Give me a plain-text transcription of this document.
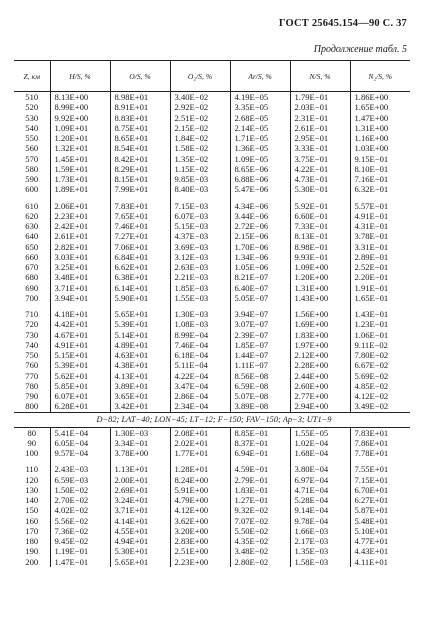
ГОСТ 25645.154—90 С. 37
Продолжение табл. 5
Z, км	H/S, %	O/S, %	O₂/S, %	Ar/S, %	N/S, %	N₂/S, %
510	8.13E+00	8.98E+01	3.40E−02	4.19E−05	1.79E−01	1.86E+00
520	8.99E+00	8.91E+01	2.92E−02	3.35E−05	2.03E−01	1.65E+00
530	9.92E+00	8.83E+01	2.51E−02	2.68E−05	2.31E−01	1.47E+00
540	1.09E+01	8.75E+01	2.15E−02	2.14E−05	2.61E−01	1.31E+00
550	1.20E+01	8.65E+01	1.84E−02	1.71E−05	2.95E−01	1.16E+00
560	1.32E+01	8.54E+01	1.58E−02	1.36E−05	3.33E−01	1.03E+00
570	1.45E+01	8.42E+01	1.35E−02	1.09E−05	3.75E−01	9.15E−01
580	1.59E+01	8.29E+01	1.15E−02	8.65E−06	4.22E−01	8.10E−01
590	1.73E+01	8.15E+01	9.85E−03	6.88E−06	4.73E−01	7.16E−01
600	1.89E+01	7.99E+01	8.40E−03	5.47E−06	5.30E−01	6.32E−01

610	2.06E+01	7.83E+01	7.15E−03	4.34E−06	5.92E−01	5.57E−01
620	2.23E+01	7.65E+01	6.07E−03	3.44E−06	6.60E−01	4.91E−01
630	2.42E+01	7.46E+01	5.15E−03	2.72E−06	7.33E−01	4.31E−01
640	2.61E+01	7.27E+01	4.37E−03	2.15E−06	8.13E−01	3.78E−01
650	2.82E+01	7.06E+01	3.69E−03	1.70E−06	8.98E−01	3.31E−01
660	3.03E+01	6.84E+01	3.12E−03	1.34E−06	9.93E−01	2.89E−01
670	3.25E+01	6.62E+01	2.63E−03	1.05E−06	1.09E+00	2.52E−01
680	3.48E+01	6.38E+01	2.21E−03	8.21E−07	1.20E+00	2.20E−01
690	3.71E+01	6.14E+01	1.85E−03	6.40E−07	1.31E+00	1.91E−01
700	3.94E+01	5.90E+01	1.55E−03	5.05E−07	1.43E+00	1.65E−01

710	4.18E+01	5.65E+01	1.30E−03	3.94E−07	1.56E+00	1.43E−01
720	4.42E+01	5.39E+01	1.08E−03	3.07E−07	1.69E+00	1.23E−01
730	4.67E+01	5.14E+01	8.99E−04	2.39E−07	1.83E+00	1.06E−01
740	4.91E+01	4.89E+01	7.46E−04	1.85E−07	1.97E+00	9.11E−02
750	5.15E+01	4.63E+01	6.18E−04	1.44E−07	2.12E+00	7.80E−02
760	5.39E+01	4.38E+01	5.11E−04	1.11E−07	2.28E+00	6.67E−02
770	5.62E+01	4.13E+01	4.22E−04	8.56E−08	2.44E+00	5.69E−02
780	5.85E+01	3.89E+01	3.47E−04	6.59E−08	2.60E+00	4.85E−02
790	6.07E+01	3.65E+01	2.86E−04	5.07E−08	2.77E+00	4.12E−02
800	6.28E+01	3.42E+01	2.34E−04	3.89E−08	2.94E+00	3.49E−02
D−82; LAT−40; LON−45; LT−12; F−150; FAV−150; Ap−3; UT1−9						
80	5.41E−04	1.30E−03	2.08E+01	8.85E−01	1.55E−05	7.83E+01
90	6.05E−04	3.34E−01	2.02E+01	8.37E−01	1.02E−04	7.86E+01
100	9.57E−04	3.78E+00	1.77E+01	6.94E−01	1.68E−04	7.78E+01

110	2.43E−03	1.13E+01	1.28E+01	4.59E−01	3.80E−04	7.55E+01
120	6.59E−03	2.00E+01	8.24E+00	2.79E−01	6.97E−04	7.15E+01
130	1.50E−02	2.69E+01	5.91E+00	1.83E−01	4.71E−04	6.70E+01
140	2.70E−02	3.24E+01	4.79E+00	1.27E−01	5.28E−04	6.27E+01
150	4.02E−02	3.71E+01	4.12E+00	9.32E−02	9.14E−04	5.87E+01
160	5.56E−02	4.14E+01	3.62E+00	7.07E−02	9.78E−04	5.48E+01
170	7.36E−02	4.55E+01	3.20E+00	5.50E−02	1.66E−03	5.10E+01
180	9.45E−02	4.94E+01	2.83E+00	4.35E−02	2.17E−03	4.77E+01
190	1.19E−01	5.30E+01	2.51E+00	3.48E−02	1.35E−03	4.43E+01
200	1.47E−01	5.65E+01	2.23E+00	2.80E−02	1.58E−03	4.11E+01
